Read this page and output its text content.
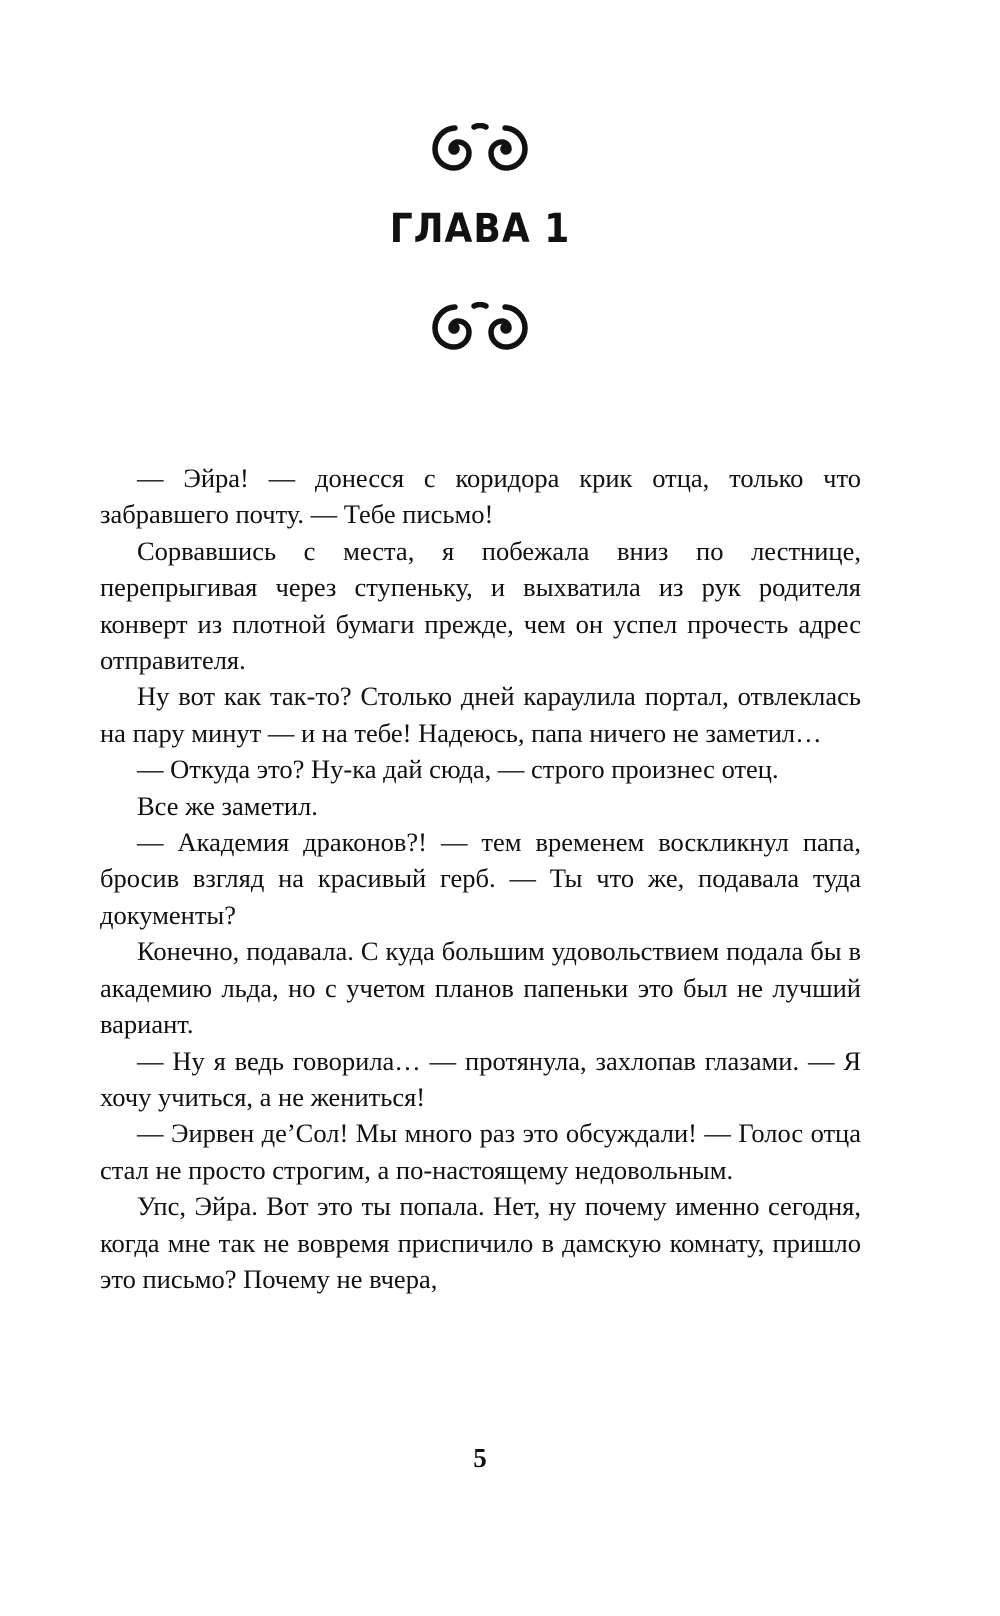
ГЛАВА 1

— Эйра! — донесся с коридора крик отца, только что забравшего почту. — Тебе письмо!

Сорвавшись с места, я побежала вниз по лестнице, перепрыгивая через ступеньку, и выхватила из рук родителя конверт из плотной бумаги прежде, чем он успел прочесть адрес отправителя.

Ну вот как так-то? Столько дней караулила портал, отвлеклась на пару минут — и на тебе! Надеюсь, папа ничего не заметил…

— Откуда это? Ну-ка дай сюда, — строго произнес отец.

Все же заметил.

— Академия драконов?! — тем временем воскликнул папа, бросив взгляд на красивый герб. — Ты что же, подавала туда документы?

Конечно, подавала. С куда большим удовольствием подала бы в академию льда, но с учетом планов папеньки это был не лучший вариант.

— Ну я ведь говорила… — протянула, захлопав глазами. — Я хочу учиться, а не жениться!

— Эирвен де’Сол! Мы много раз это обсуждали! — Голос отца стал не просто строгим, а по-настоящему недовольным.

Упс, Эйра. Вот это ты попала. Нет, ну почему именно сегодня, когда мне так не вовремя приспичило в дамскую комнату, пришло это письмо? Почему не вчера,

5
